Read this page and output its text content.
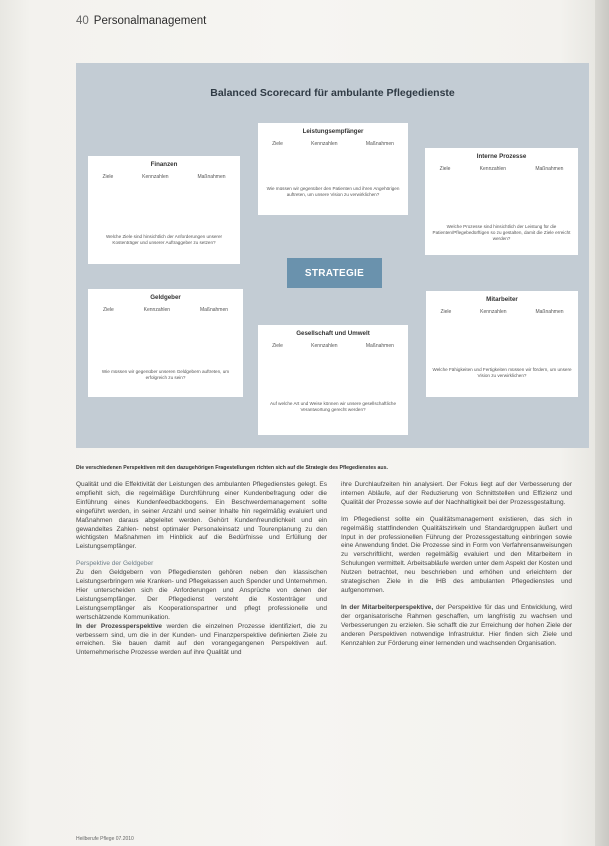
40 Personalmanagement
Balanced Scorecard für ambulante Pflegedienste
Leistungsempfänger
Ziele	Kennzahlen	Maßnahmen
Wie müssen wir gegenüber den Patienten und ihren Angehörigen auftreten, um unsere Vision zu verwirklichen?
Finanzen
Ziele	Kennzahlen	Maßnahmen
Welche Ziele sind hinsichtlich der Anforderungen unserer Kostenträger und unserer Auftraggeber zu setzen?
Interne Prozesse
Ziele	Kennzahlen	Maßnahmen
Welche Prozesse sind hinsichtlich der Leistung für die Patienten/Pflegebedürftigen so zu gestalten, damit die Ziele erreicht werden?
STRATEGIE
Geldgeber
Ziele	Kennzahlen	Maßnahmen
Wie müssen wir gegenüber unseren Geldgebern auftreten, um erfolgreich zu sein?
Mitarbeiter
Ziele	Kennzahlen	Maßnahmen
Welche Fähigkeiten und Fertigkeiten müssen wir fördern, um unsere Vision zu verwirklichen?
Gesellschaft und Umwelt
Ziele	Kennzahlen	Maßnahmen
Auf welche Art und Weise können wir unsere gesellschaftliche Verantwortung gerecht werden?
Die verschiedenen Perspektiven mit den dazugehörigen Fragestellungen richten sich auf die Strategie des Pflegedienstes aus.

Qualität und die Effektivität der Leistungen des ambulanten Pflegedienstes gelegt. Es empfiehlt sich, die regelmäßige Durchführung einer Kundenbefragung oder die Einführung eines Kundenfeedbackbogens. Ein Beschwerdemanagement sollte eingeführt werden, in seiner Anzahl und seiner Inhalte hin regelmäßig evaluiert und Maßnahmen daraus abgeleitet werden. Gehört Kundenfreundlichkeit und ein gewandeltes Zahlen- nebst optimaler Personaleinsatz und Tourenplanung zu den wichtigsten Maßnahmen im Hinblick auf die Bedürfnisse und Erfüllung der Leistungsempfänger.

Perspektive der Geldgeber

Zu den Geldgebern von Pflegediensten gehören neben den klassischen Leistungserbringern wie Kranken- und Pflegekassen auch Spender und Unternehmen. Hier unterscheiden sich die Anforderungen und Ansprüche von denen der Leistungsempfänger. Der Pflegedienst versteht die Kostenträger und Leistungsempfänger als Kooperationspartner und pflegt professionelle und wertschätzende Kommunikation.

In der Prozessperspektive werden die einzelnen Prozesse identifiziert, die zu verbessern sind, um die in der Kunden- und Finanzperspektive definierten Ziele zu erreichen. Sie bauen damit auf den vorangegangenen Perspektiven auf. Unternehmerische Prozesse werden auf ihre Qualität und

ihre Durchlaufzeiten hin analysiert. Der Fokus liegt auf der Verbesserung der internen Abläufe, auf der Reduzierung von Schnittstellen und Effizienz und Qualität der Prozesse sowie auf der Nachhaltigkeit bei der Prozessgestaltung.

Im Pflegedienst sollte ein Qualitätsmanagement existieren, das sich in regelmäßig stattfindenden Qualitätszirkeln und Standardgruppen äußert und Input in der professionellen Führung der Prozessgestaltung einbringen sowie eine Anwendung findet. Die Prozesse sind in Form von Verfahrensanweisungen zu verschriftlicht, werden regelmäßig evaluiert und den Mitarbeitern in Schulungen vermittelt. Arbeitsabläufe werden unter dem Aspekt der Kosten und Nutzen betrachtet, neu beschrieben und erhöhen und erleichtern der strategischen Ziele in die IHB des ambulanten Pflegedienstes und aufgenommen.

In der Mitarbeiterperspektive, der Perspektive für das und Entwicklung, wird der organisatorische Rahmen geschaffen, um langfristig zu wachsen und Verbesserungen zu erzielen. Sie schafft die zur Erreichung der hohen Ziele der anderen Perspektiven notwendige Infrastruktur. Hier finden sich Ziele und Kennzahlen zur Förderung einer lernenden und wachsenden Organisation.

Heilberufe Pflege 07.2010
